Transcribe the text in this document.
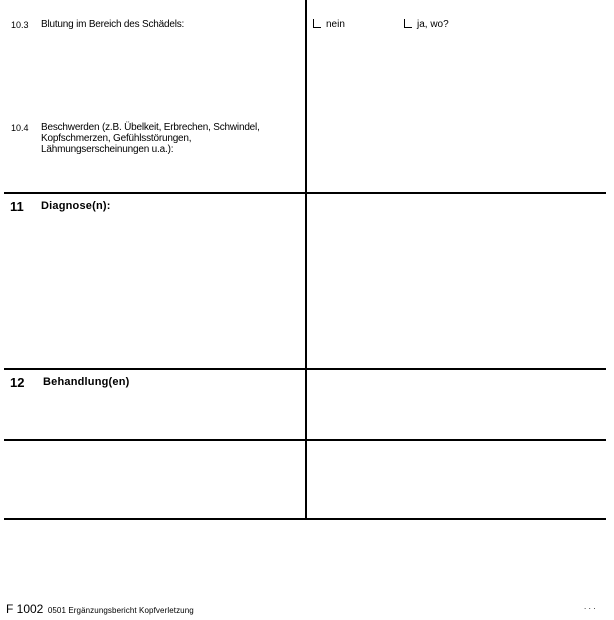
10.3 Blutung im Bereich des Schädels:	nein	ja, wo?
10.4 Beschwerden (z.B. Übelkeit, Erbrechen, Schwindel,
Kopfschmerzen, Gefühlsstörungen,
Lähmungserscheinungen u.a.):
11 Diagnose(n):
12 Behandlung(en)
F 1002 0501 Ergänzungsbericht Kopfverletzung	. . .
